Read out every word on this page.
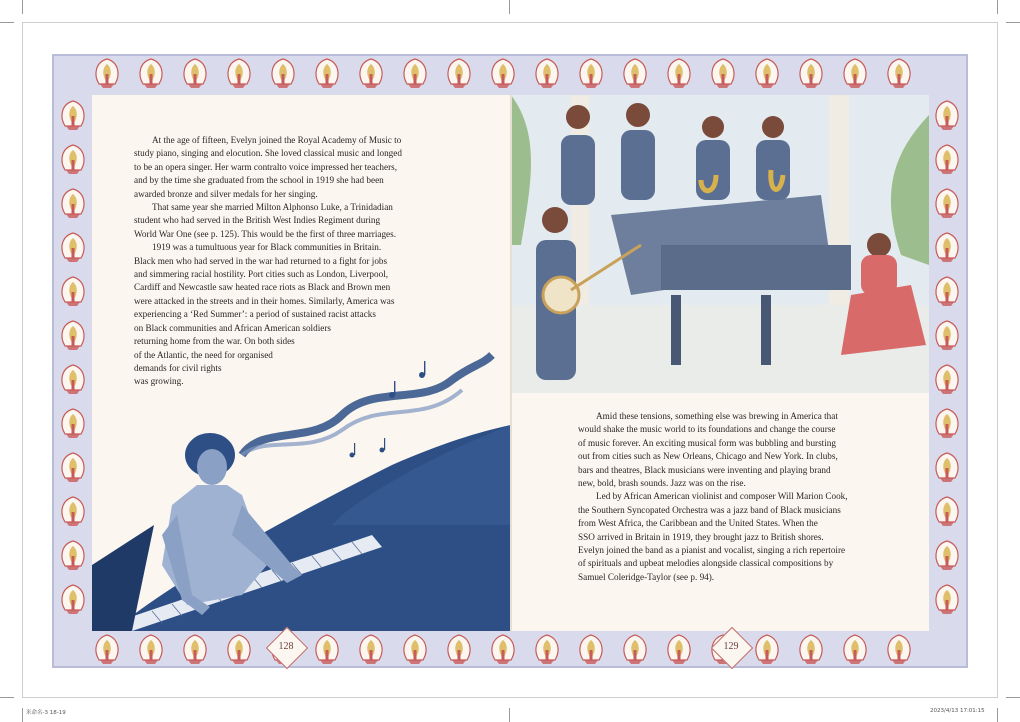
At the age of fifteen, Evelyn joined the Royal Academy of Music to
study piano, singing and elocution. She loved classical music and longed
to be an opera singer. Her warm contralto voice impressed her teachers,
and by the time she graduated from the school in 1919 she had been
awarded bronze and silver medals for her singing.
That same year she married Milton Alphonso Luke, a Trinidadian
student who had served in the British West Indies Regiment during
World War One (see p. 125). This would be the first of three marriages.
1919 was a tumultuous year for Black communities in Britain.
Black men who had served in the war had returned to a fight for jobs
and simmering racial hostility. Port cities such as London, Liverpool,
Cardiff and Newcastle saw heated race riots as Black and Brown men
were attacked in the streets and in their homes. Similarly, America was
experiencing a ‘Red Summer’: a period of sustained racist attacks
on Black communities and African American soldiers
returning home from the war. On both sides
of the Atlantic, the need for organised
demands for civil rights
was growing.
Amid these tensions, something else was brewing in America that
would shake the music world to its foundations and change the course
of music forever. An exciting musical form was bubbling and bursting
out from cities such as New Orleans, Chicago and New York. In clubs,
bars and theatres, Black musicians were inventing and playing brand
new, bold, brash sounds. Jazz was on the rise.
Led by African American violinist and composer Will Marion Cook,
the Southern Syncopated Orchestra was a jazz band of Black musicians
from West Africa, the Caribbean and the United States. When the
SSO arrived in Britain in 1919, they brought jazz to British shores.
Evelyn joined the band as a pianist and vocalist, singing a rich repertoire
of spirituals and upbeat melodies alongside classical compositions by
Samuel Coleridge-Taylor (see p. 94).
128	129
米命名-3 18-19	2023/4/13 17:01:15
